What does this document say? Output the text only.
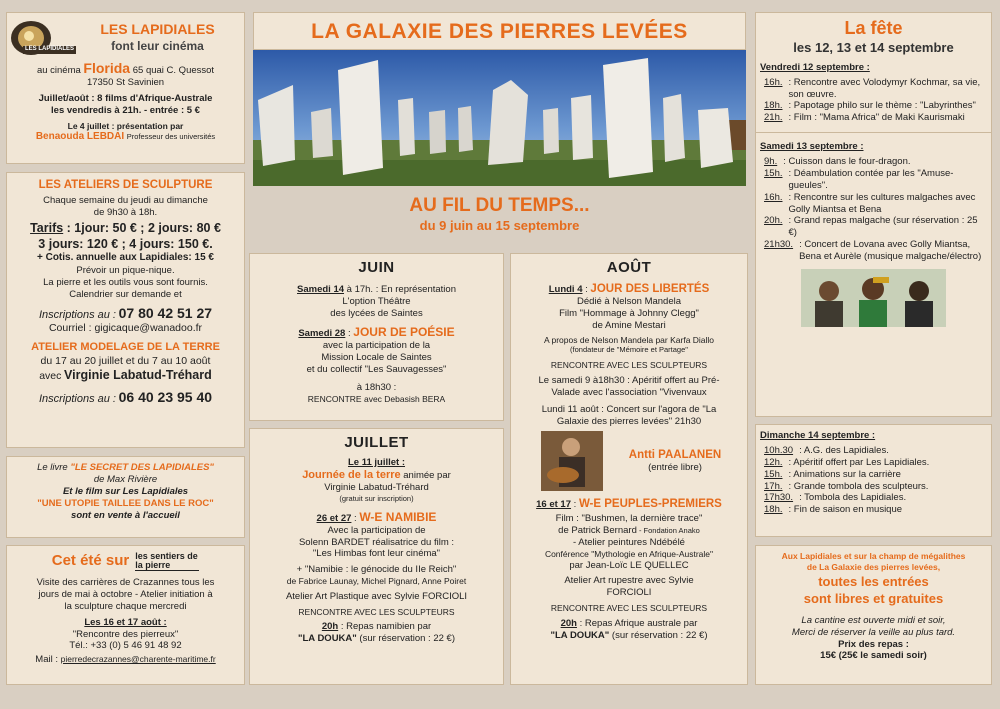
LES LAPIDIALES
LES LAPIDIALES
font leur cinéma
au cinéma Florida 65 quai C. Quessot
17350 St Savinien
Juillet/août : 8 films d'Afrique-Australe
les vendredis à 21h. - entrée : 5 €
Le 4 juillet : présentation par
Benaouda LEBDAI Professeur des universités
LES ATELIERS DE SCULPTURE
Chaque semaine du jeudi au dimanche
de 9h30 à 18h.
Tarifs : 1jour: 50 € ; 2 jours: 80 €
3 jours: 120 € ; 4 jours: 150 €.
+ Cotis. annuelle aux Lapidiales: 15 €
Prévoir un pique-nique.
La pierre et les outils vous sont fournis.
Calendrier sur demande et
Inscriptions au : 07 80 42 51 27
Courriel : gigicaque@wanadoo.fr
ATELIER MODELAGE DE LA TERRE
du 17 au 20 juillet et du 7 au 10 août
avec Virginie Labatud-Tréhard
Inscriptions au : 06 40 23 95 40
Le livre "LE SECRET DES LAPIDIALES"
de Max Rivière
Et le film sur Les Lapidiales
"UNE UTOPIE TAILLEE DANS LE ROC"
sont en vente à l'accueil
Cet été sur les sentiers de la pierre
Visite des carrières de Crazannes tous les
jours de mai à octobre - Atelier initiation à
la sculpture chaque mercredi
Les 16 et 17 août :
"Rencontre des pierreux"
Tél.: +33 (0) 5 46 91 48 92
Mail : pierredecrazannes@charente-maritime.fr
LA GALAXIE DES PIERRES LEVÉES
AU FIL DU TEMPS...
du 9 juin au 15 septembre
JUIN
Samedi 14 à 17h. : En représentation
L'option Théâtre
des lycées de Saintes
Samedi 28 : JOUR DE POÉSIE
avec la participation de la
Mission Locale de Saintes
et du collectif "Les Sauvagesses"
à 18h30 :
RENCONTRE avec Debasish BERA
JUILLET
Le 11 juillet :
Journée de la terre animée par
Virginie Labatud-Tréhard
(gratuit sur inscription)
26 et 27 : W-E NAMIBIE
Avec la participation de
Solenn BARDET réalisatrice du film :
"Les Himbas font leur cinéma"
+ "Namibie : le génocide du IIe Reich"
de Fabrice Launay, Michel Pignard, Anne Poiret
Atelier Art Plastique avec Sylvie FORCIOLI
RENCONTRE AVEC LES SCULPTEURS
20h : Repas namibien par
"LA DOUKA" (sur réservation : 22 €)
AOÛT
Lundi 4 : JOUR DES LIBERTÉS
Dédié à Nelson Mandela
Film "Hommage à Johnny Clegg"
de Amine Mestari
A propos de Nelson Mandela par Karfa Diallo
(fondateur de "Mémoire et Partage"
RENCONTRE AVEC LES SCULPTEURS
Le samedi 9 à18h30 : Apéritif offert au Pré-
Valade avec l'association "Vivenvaux
Lundi 11 août : Concert sur l'agora de "La
Galaxie des pierres levées" 21h30
Antti PAALANEN
(entrée libre)
16 et 17 : W-E PEUPLES-PREMIERS
Film : "Bushmen, la dernière trace"
de Patrick Bernard - Fondation Anako
- Atelier peintures Ndébélé
Conférence "Mythologie en Afrique-Australe"
par Jean-Loïc LE QUELLEC
Atelier Art rupestre avec Sylvie
FORCIOLI
RENCONTRE AVEC LES SCULPTEURS
20h : Repas Afrique australe par
"LA DOUKA" (sur réservation : 22 €)
La fête
les 12, 13 et 14 septembre
Vendredi 12 septembre :
16h. : Rencontre avec Volodymyr Kochmar, sa vie, son œuvre.
18h. : Papotage philo sur le thème : "Labyrinthes"
21h. : Film : "Mama Africa" de Maki Kaurismaki
Samedi 13 septembre :
9h. : Cuisson dans le four-dragon.
15h. : Déambulation contée par les "Amuse-gueules".
16h. : Rencontre sur les cultures malgaches avec Golly Miantsa et Bena
20h. : Grand repas malgache (sur réservation : 25 €)
21h30. : Concert de Lovana avec Golly Miantsa, Bena et Aurèle (musique malgache/électro)
Dimanche 14 septembre :
10h.30 : A.G. des Lapidiales.
12h. : Apéritif offert par Les Lapidiales.
15h. : Animations sur la carrière
17h. : Grande tombola des sculpteurs.
17h30. : Tombola des Lapidiales.
18h. : Fin de saison en musique
Aux Lapidiales et sur la champ de mégalithes
de La Galaxie des pierres levées,
toutes les entrées
sont libres et gratuites
La cantine est ouverte midi et soir,
Merci de réserver la veille au plus tard.
Prix des repas :
15€ (25€ le samedi soir)
